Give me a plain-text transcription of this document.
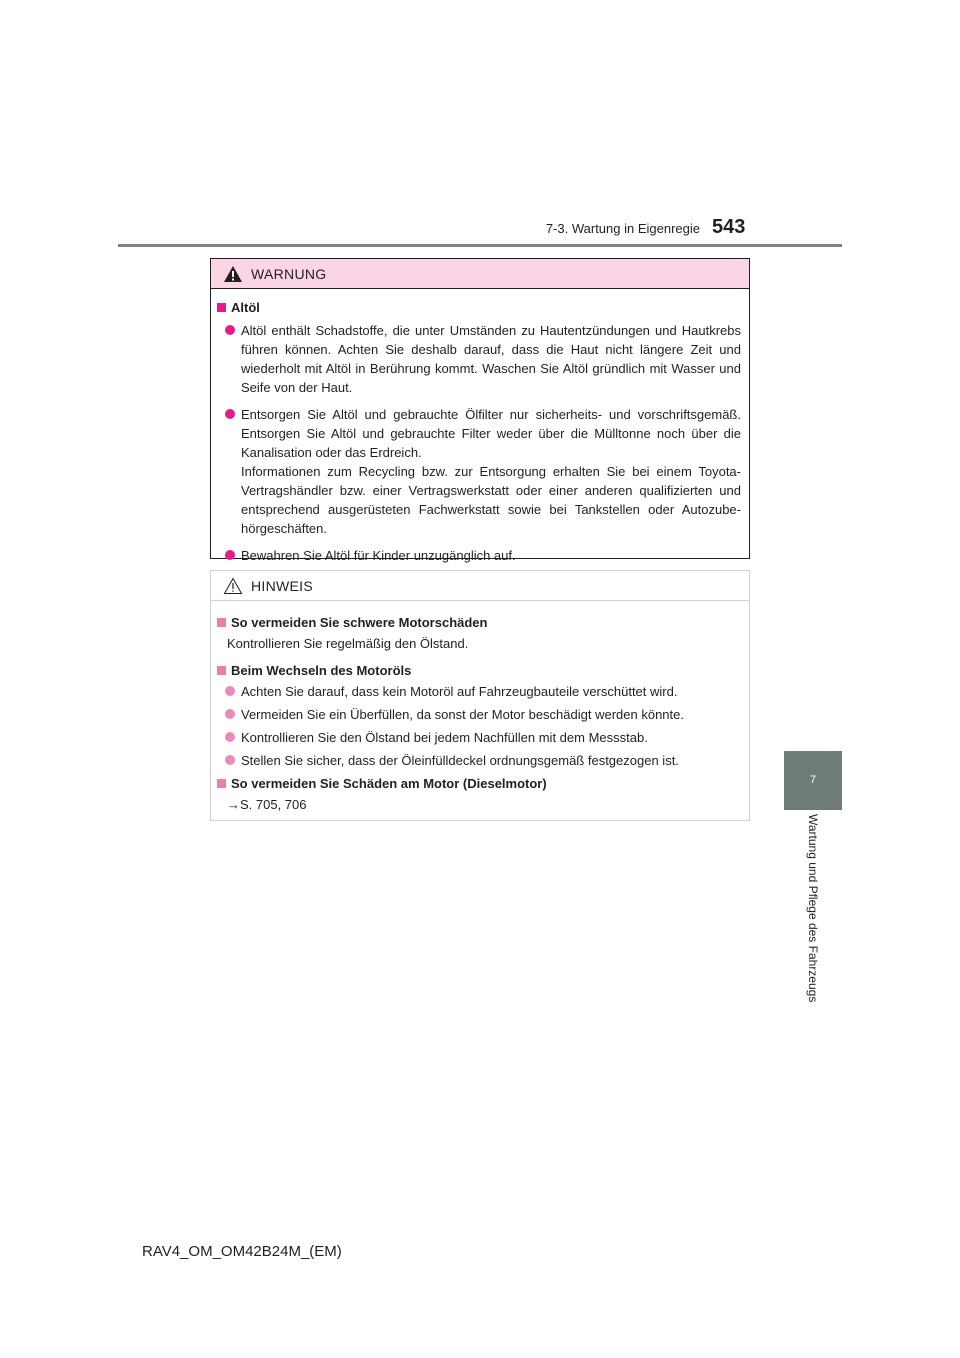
7-3. Wartung in Eigenregie 543
7
Wartung und Pflege des Fahrzeugs
WARNUNG
Altöl
Altöl enthält Schadstoffe, die unter Umständen zu Hautentzündungen und Hautkrebs führen können. Achten Sie deshalb darauf, dass die Haut nicht längere Zeit und wiederholt mit Altöl in Berührung kommt. Waschen Sie Altöl gründlich mit Wasser und Seife von der Haut.
Entsorgen Sie Altöl und gebrauchte Ölfilter nur sicherheits- und vorschriftsgemäß. Entsorgen Sie Altöl und gebrauchte Filter weder über die Mülltonne noch über die Kanalisation oder das Erdreich.
Informationen zum Recycling bzw. zur Entsorgung erhalten Sie bei einem Toyota-Vertragshändler bzw. einer Vertragswerkstatt oder einer anderen qualifizierten und entsprechend ausgerüsteten Fachwerkstatt sowie bei Tankstellen oder Autozubehörgeschäften.
Bewahren Sie Altöl für Kinder unzugänglich auf.
HINWEIS
So vermeiden Sie schwere Motorschäden
Kontrollieren Sie regelmäßig den Ölstand.
Beim Wechseln des Motoröls
Achten Sie darauf, dass kein Motoröl auf Fahrzeugbauteile verschüttet wird.
Vermeiden Sie ein Überfüllen, da sonst der Motor beschädigt werden könnte.
Kontrollieren Sie den Ölstand bei jedem Nachfüllen mit dem Messstab.
Stellen Sie sicher, dass der Öleinfülldeckel ordnungsgemäß festgezogen ist.
So vermeiden Sie Schäden am Motor (Dieselmotor)
→S. 705, 706
RAV4_OM_OM42B24M_(EM)
